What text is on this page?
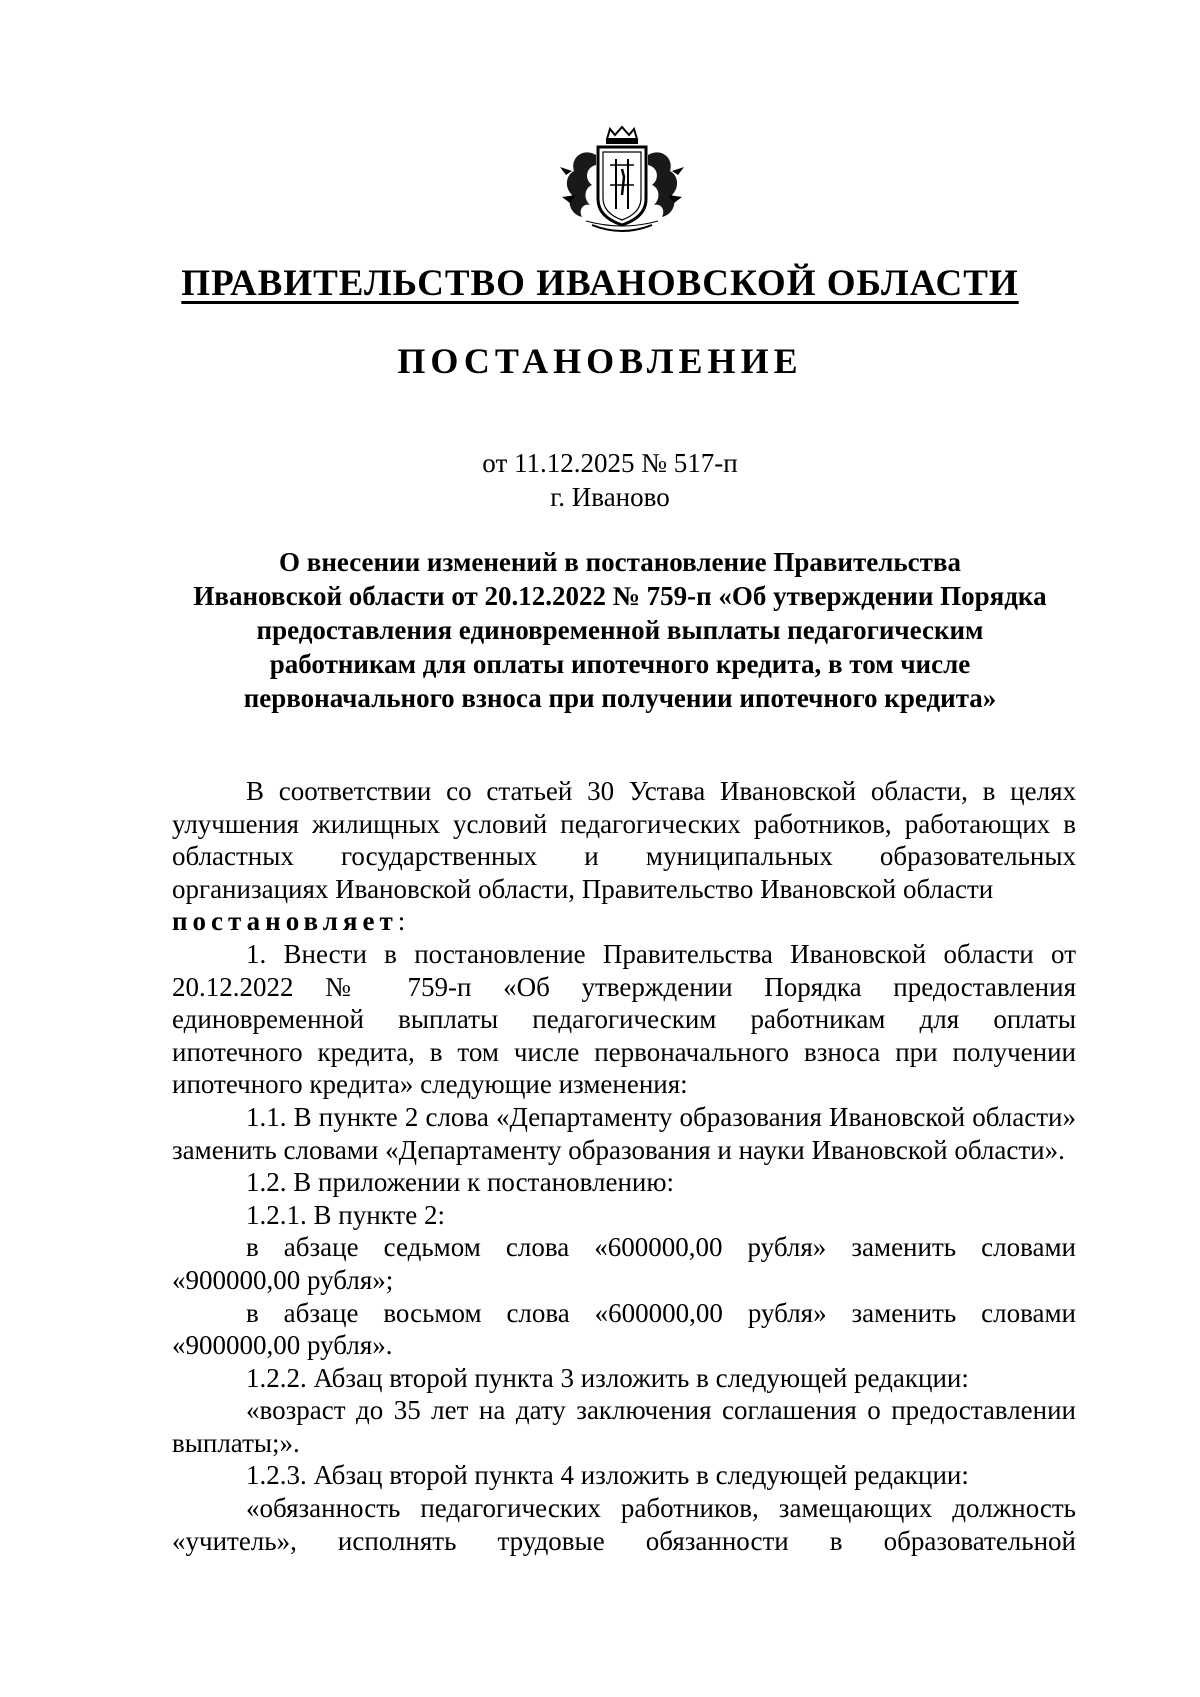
ПРАВИТЕЛЬСТВО ИВАНОВСКОЙ ОБЛАСТИ
ПОСТАНОВЛЕНИЕ
от 11.12.2025 № 517-п
г. Иваново
О внесении изменений в постановление Правительства
Ивановской области от 20.12.2022 № 759-п «Об утверждении Порядка
предоставления единовременной выплаты педагогическим
работникам для оплаты ипотечного кредита, в том числе
первоначального взноса при получении ипотечного кредита»

В соответствии со статьей 30 Устава Ивановской области, в целях улучшения жилищных условий педагогических работников, работающих в областных государственных и муниципальных образовательных организациях Ивановской области, Правительство Ивановской области

постановляет:

1. Внести в постановление Правительства Ивановской области от 20.12.2022 № 759-п «Об утверждении Порядка предоставления единовременной выплаты педагогическим работникам для оплаты ипотечного кредита, в том числе первоначального взноса при получении ипотечного кредита» следующие изменения:

1.1. В пункте 2 слова «Департаменту образования Ивановской области» заменить словами «Департаменту образования и науки Ивановской области».

1.2. В приложении к постановлению:

1.2.1. В пункте 2:

в абзаце седьмом слова «600000,00 рубля» заменить словами «900000,00 рубля»;

в абзаце восьмом слова «600000,00 рубля» заменить словами «900000,00 рубля».

1.2.2. Абзац второй пункта 3 изложить в следующей редакции:

«возраст до 35 лет на дату заключения соглашения о предоставлении выплаты;».

1.2.3. Абзац второй пункта 4 изложить в следующей редакции:

«обязанность педагогических работников, замещающих должность «учитель», исполнять трудовые обязанности в образовательной
